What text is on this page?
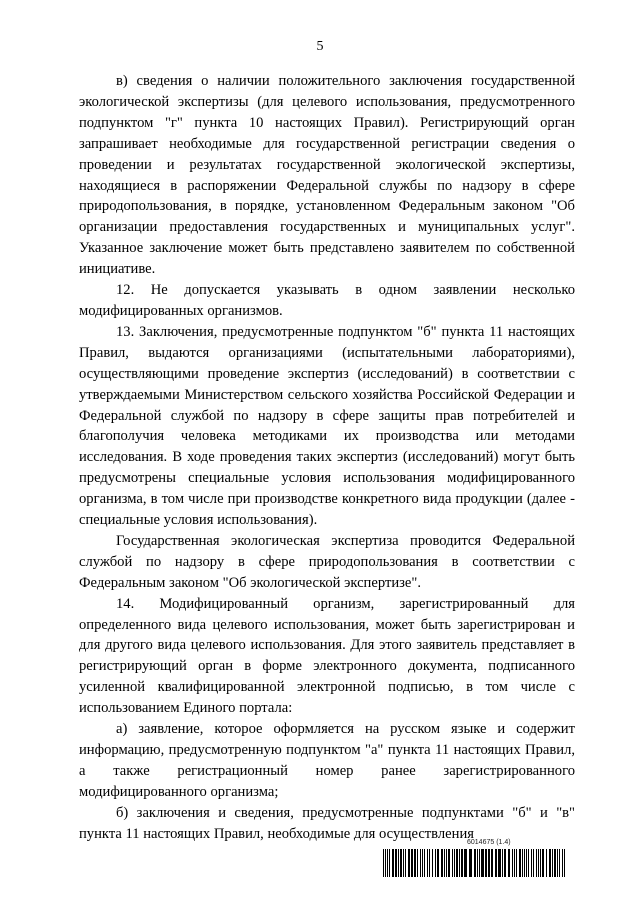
5

в) сведения о наличии положительного заключения государственной экологической экспертизы (для целевого использования, предусмотренного подпунктом "г" пункта 10 настоящих Правил). Регистрирующий орган запрашивает необходимые для государственной регистрации сведения о проведении и результатах государственной экологической экспертизы, находящиеся в распоряжении Федеральной службы по надзору в сфере природопользования, в порядке, установленном Федеральным законом "Об организации предоставления государственных и муниципальных услуг". Указанное заключение может быть представлено заявителем по собственной инициативе.

12. Не допускается указывать в одном заявлении несколько модифицированных организмов.

13. Заключения, предусмотренные подпунктом "б" пункта 11 настоящих Правил, выдаются организациями (испытательными лабораториями), осуществляющими проведение экспертиз (исследований) в соответствии с утверждаемыми Министерством сельского хозяйства Российской Федерации и Федеральной службой по надзору в сфере защиты прав потребителей и благополучия человека методиками их производства или методами исследования. В ходе проведения таких экспертиз (исследований) могут быть предусмотрены специальные условия использования модифицированного организма, в том числе при производстве конкретного вида продукции (далее - специальные условия использования).

Государственная экологическая экспертиза проводится Федеральной службой по надзору в сфере природопользования в соответствии с Федеральным законом "Об экологической экспертизе".

14. Модифицированный организм, зарегистрированный для определенного вида целевого использования, может быть зарегистрирован и для другого вида целевого использования. Для этого заявитель представляет в регистрирующий орган в форме электронного документа, подписанного усиленной квалифицированной электронной подписью, в том числе с использованием Единого портала:

а) заявление, которое оформляется на русском языке и содержит информацию, предусмотренную подпунктом "а" пункта 11 настоящих Правил, а также регистрационный номер ранее зарегистрированного модифицированного организма;

б) заключения и сведения, предусмотренные подпунктами "б" и "в" пункта 11 настоящих Правил, необходимые для осуществления

6014675 (1.4)
